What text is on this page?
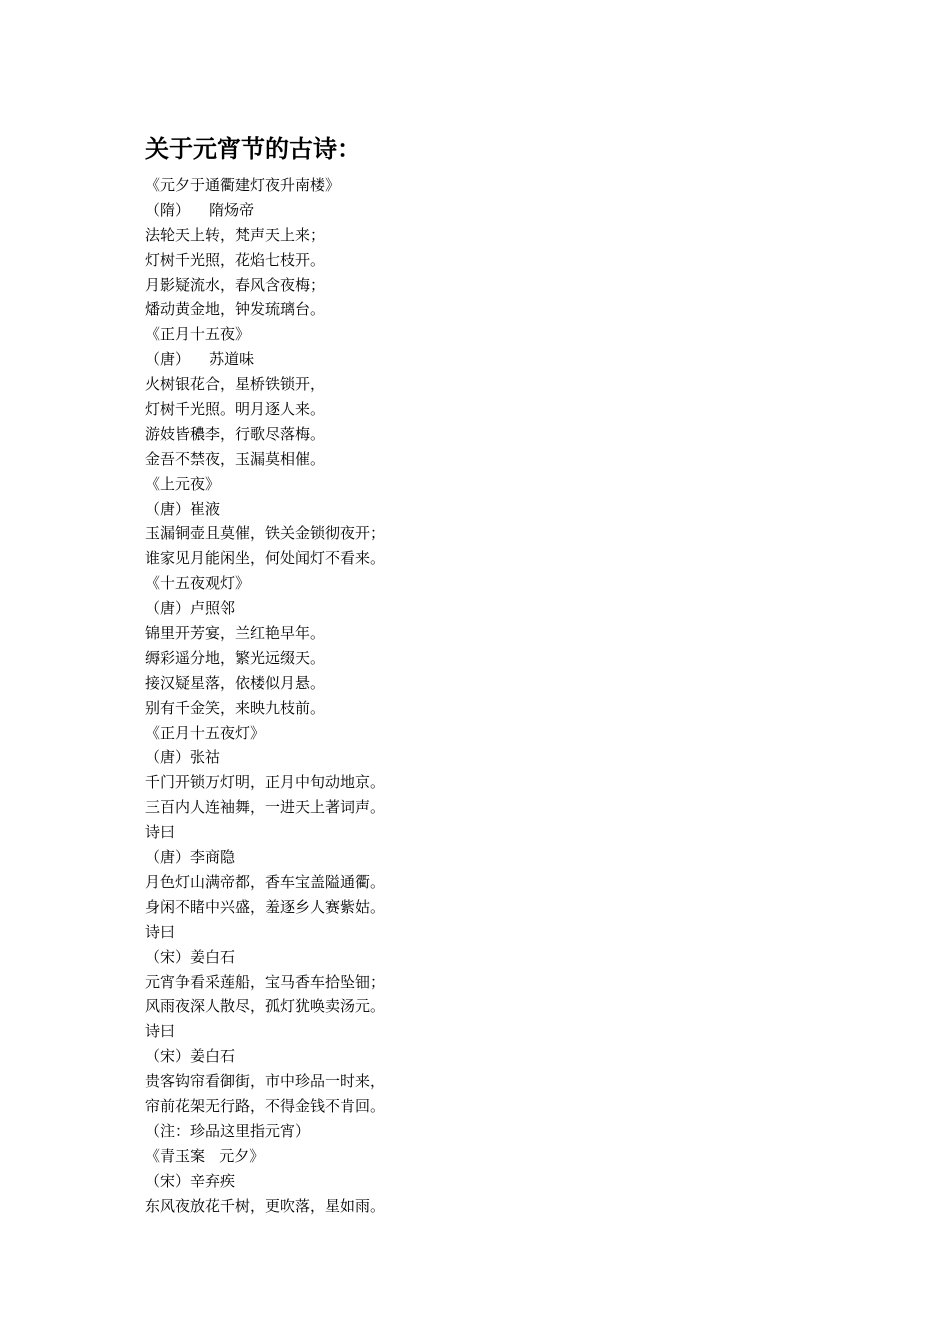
关于元宵节的古诗：
《元夕于通衢建灯夜升南楼》
（隋）    隋炀帝
法轮天上转，梵声天上来；
灯树千光照，花焰七枝开。
月影疑流水，春风含夜梅；
燔动黄金地，钟发琉璃台。
《正月十五夜》
（唐）    苏道味
火树银花合，星桥铁锁开，
灯树千光照。明月逐人来。
游妓皆穠李，行歌尽落梅。
金吾不禁夜，玉漏莫相催。
《上元夜》
（唐）崔液
玉漏铜壶且莫催，铁关金锁彻夜开；
谁家见月能闲坐，何处闻灯不看来。
《十五夜观灯》
（唐）卢照邻
锦里开芳宴，兰红艳早年。
缛彩遥分地，繁光远缀天。
接汉疑星落，依楼似月悬。
别有千金笑，来映九枝前。
《正月十五夜灯》
（唐）张祜
千门开锁万灯明，正月中旬动地京。
三百内人连袖舞，一进天上著词声。
诗曰
（唐）李商隐
月色灯山满帝都，香车宝盖隘通衢。
身闲不睹中兴盛，羞逐乡人赛紫姑。
诗曰
（宋）姜白石
元宵争看采莲船，宝马香车拾坠钿；
风雨夜深人散尽，孤灯犹唤卖汤元。
诗曰
（宋）姜白石
贵客钩帘看御街，市中珍品一时来，
帘前花架无行路，不得金钱不肯回。
（注：珍品这里指元宵）
《青玉案   元夕》
（宋）辛弃疾
东风夜放花千树，更吹落，星如雨。
